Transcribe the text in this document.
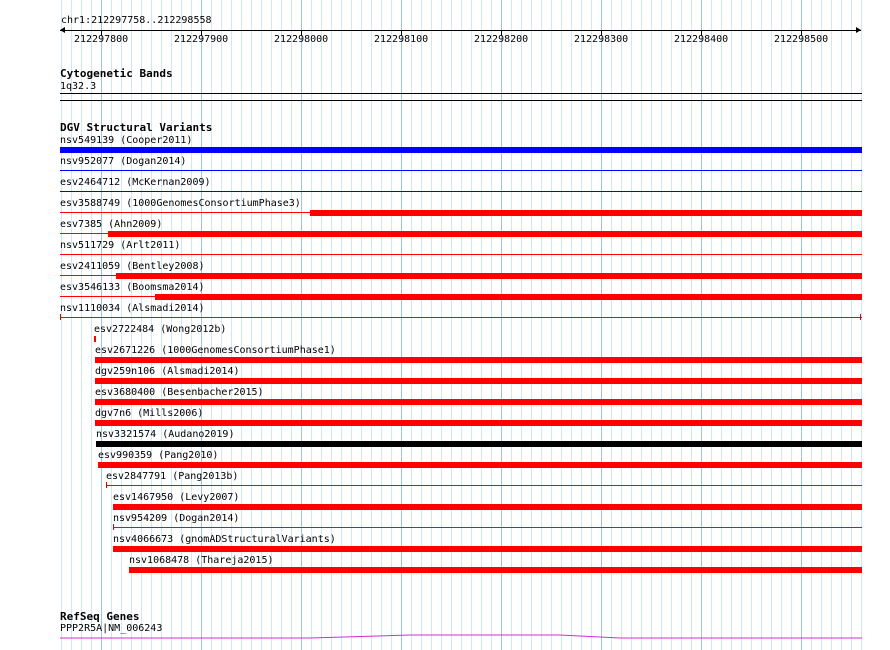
chr1:212297758..212298558
212297800	212297900	212298000	212298100	212298200	212298300	212298400	212298500
Cytogenetic Bands
1q32.3
DGV Structural Variants
nsv549139 (Cooper2011)
nsv952077 (Dogan2014)
esv2464712 (McKernan2009)
esv3588749 (1000GenomesConsortiumPhase3)
esv7385 (Ahn2009)
nsv511729 (Arlt2011)
esv2411059 (Bentley2008)
esv3546133 (Boomsma2014)
nsv1110034 (Alsmadi2014)
esv2722484 (Wong2012b)
esv2671226 (1000GenomesConsortiumPhase1)
dgv259n106 (Alsmadi2014)
esv3680400 (Besenbacher2015)
dgv7n6 (Mills2006)
nsv3321574 (Audano2019)
esv990359 (Pang2010)
esv2847791 (Pang2013b)
esv1467950 (Levy2007)
nsv954209 (Dogan2014)
nsv4066673 (gnomADStructuralVariants)
nsv1068478 (Thareja2015)
RefSeq Genes
PPP2R5A|NM_006243
